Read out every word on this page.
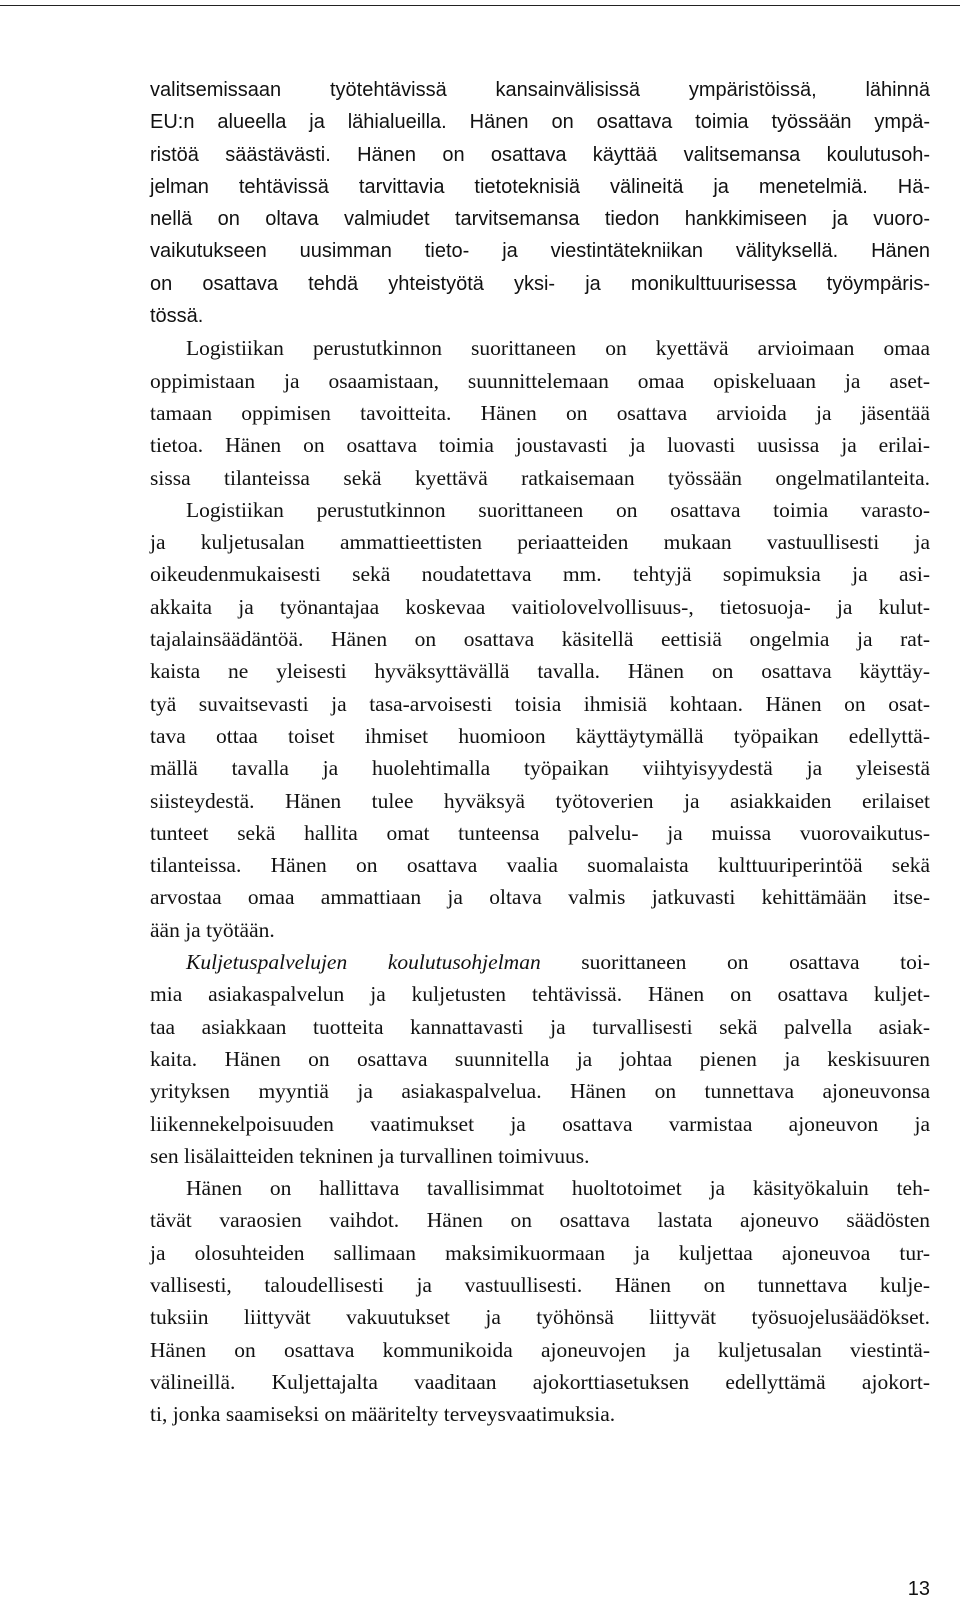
valitsemissaan työtehtävissä kansainvälisissä ympäristöissä, lähinnä
EU:n alueella ja lähialueilla. Hänen on osattava toimia työssään ympä-
ristöä säästävästi. Hänen on osattava käyttää valitsemansa koulutusoh-
jelman tehtävissä tarvittavia tietoteknisiä välineitä ja menetelmiä. Hä-
nellä on oltava valmiudet tarvitsemansa tiedon hankkimiseen ja vuoro-
vaikutukseen uusimman tieto- ja viestintätekniikan välityksellä. Hänen
on osattava tehdä yhteistyötä yksi- ja monikulttuurisessa työympäris-
tössä.
Logistiikan perustutkinnon suorittaneen on kyettävä arvioimaan omaa
oppimistaan ja osaamistaan, suunnittelemaan omaa opiskeluaan ja aset-
tamaan oppimisen tavoitteita. Hänen on osattava arvioida ja jäsentää
tietoa. Hänen on osattava toimia joustavasti ja luovasti uusissa ja erilai-
sissa tilanteissa sekä kyettävä ratkaisemaan työssään ongelmatilanteita.
Logistiikan perustutkinnon suorittaneen on osattava toimia varasto-
ja kuljetusalan ammattieettisten periaatteiden mukaan vastuullisesti ja
oikeudenmukaisesti sekä noudatettava mm. tehtyjä sopimuksia ja asi-
akkaita ja työnantajaa koskevaa vaitiolovelvollisuus-, tietosuoja- ja kulut-
tajalainsäädäntöä. Hänen on osattava käsitellä eettisiä ongelmia ja rat-
kaista ne yleisesti hyväksyttävällä tavalla. Hänen on osattava käyttäy-
tyä suvaitsevasti ja tasa-arvoisesti toisia ihmisiä kohtaan. Hänen on osat-
tava ottaa toiset ihmiset huomioon käyttäytymällä työpaikan edellyttä-
mällä tavalla ja huolehtimalla työpaikan viihtyisyydestä ja yleisestä
siisteydestä. Hänen tulee hyväksyä työtoverien ja asiakkaiden erilaiset
tunteet sekä hallita omat tunteensa palvelu- ja muissa vuorovaikutus-
tilanteissa. Hänen on osattava vaalia suomalaista kulttuuriperintöä sekä
arvostaa omaa ammattiaan ja oltava valmis jatkuvasti kehittämään itse-
ään ja työtään.
Kuljetuspalvelujen koulutusohjelman suorittaneen on osattava toi-
mia asiakaspalvelun ja kuljetusten tehtävissä. Hänen on osattava kuljet-
taa asiakkaan tuotteita kannattavasti ja turvallisesti sekä palvella asiak-
kaita. Hänen on osattava suunnitella ja johtaa pienen ja keskisuuren
yrityksen myyntiä ja asiakaspalvelua. Hänen on tunnettava ajoneuvonsa
liikennekelpoisuuden vaatimukset ja osattava varmistaa ajoneuvon ja
sen lisälaitteiden tekninen ja turvallinen toimivuus.
Hänen on hallittava tavallisimmat huoltotoimet ja käsityökaluin teh-
tävät varaosien vaihdot. Hänen on osattava lastata ajoneuvo säädösten
ja olosuhteiden sallimaan maksimikuormaan ja kuljettaa ajoneuvoa tur-
vallisesti, taloudellisesti ja vastuullisesti. Hänen on tunnettava kulje-
tuksiin liittyvät vakuutukset ja työhönsä liittyvät työsuojelusäädökset.
Hänen on osattava kommunikoida ajoneuvojen ja kuljetusalan viestintä-
välineillä. Kuljettajalta vaaditaan ajokorttiasetuksen edellyttämä ajokort-
ti, jonka saamiseksi on määritelty terveysvaatimuksia.
13
